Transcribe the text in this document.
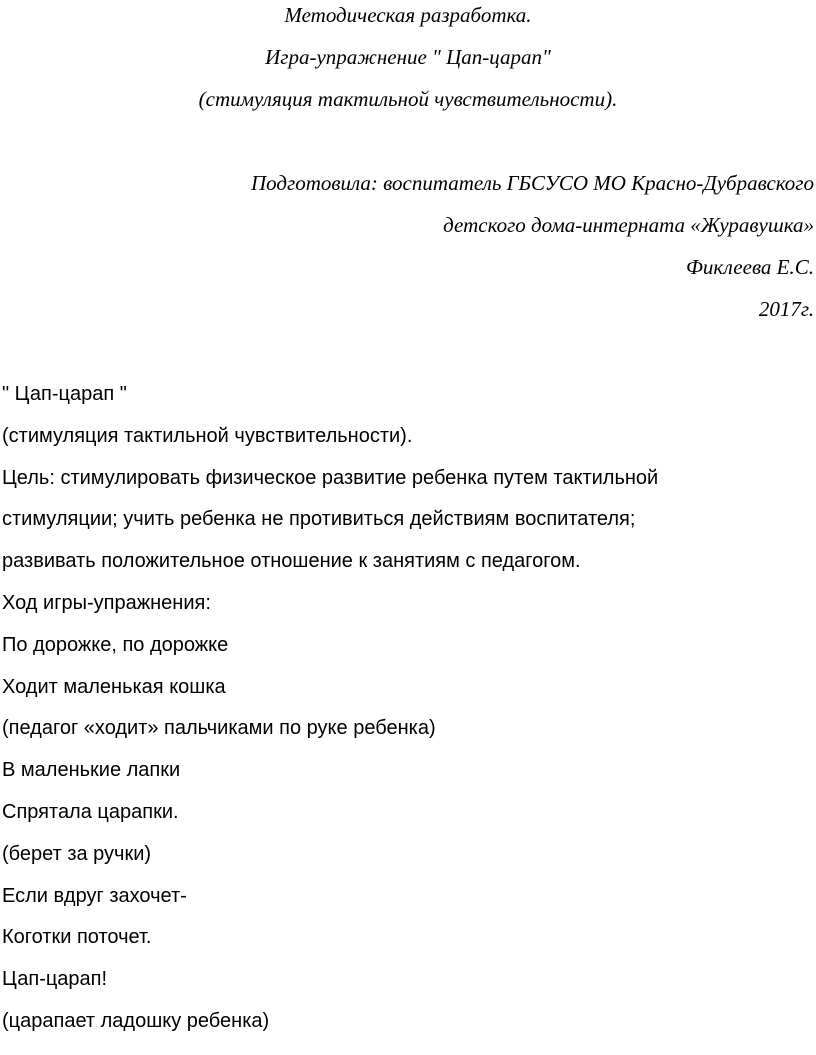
Методическая разработка.
Игра-упражнение " Цап-царап"
(стимуляция тактильной чувствительности).
Подготовила: воспитатель ГБСУСО МО Красно-Дубравского
детского дома-интерната «Журавушка»
Фиклеева Е.С.
2017г.
" Цап-царап "
(стимуляция тактильной чувствительности).
Цель: стимулировать физическое развитие ребенка путем тактильной
стимуляции; учить ребенка не противиться действиям воспитателя;
развивать положительное отношение к занятиям с педагогом.
Ход игры-упражнения:
По дорожке, по дорожке
Ходит маленькая кошка
(педагог «ходит» пальчиками по руке ребенка)
В маленькие лапки
Спрятала царапки.
(берет за ручки)
Если вдруг захочет-
Коготки поточет.
Цап-царап!
(царапает ладошку ребенка)
